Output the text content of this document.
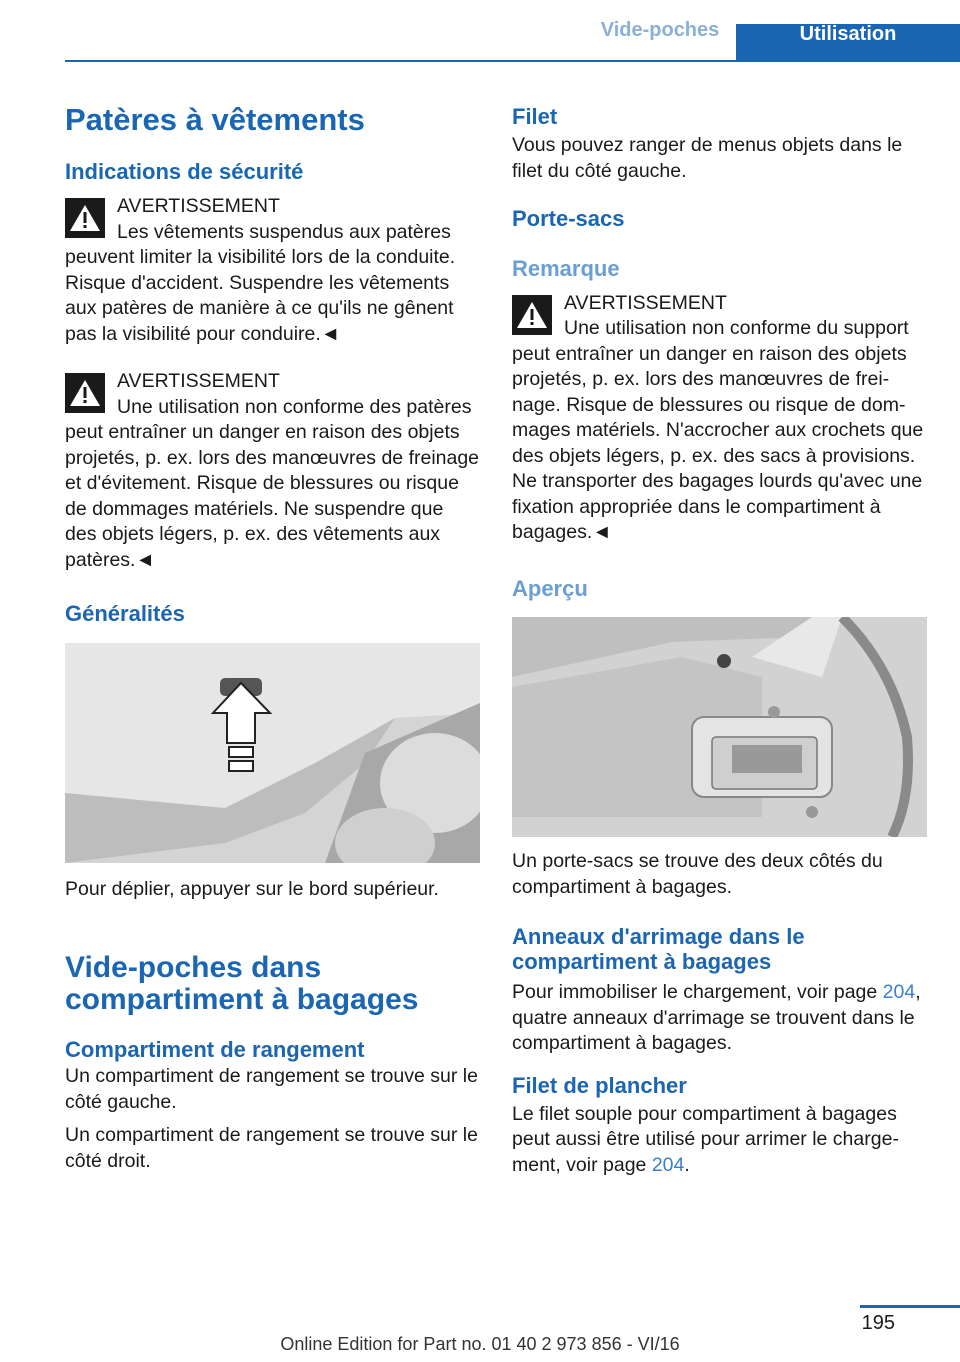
Vide-poches	Utilisation
Patères à vêtements
Indications de sécurité
AVERTISSEMENT

Les vêtements suspendus aux patères

peuvent limiter la visibilité lors de la conduite. Risque d'accident. Suspendre les vêtements aux patères de manière à ce qu'ils ne gênent pas la visibilité pour conduire.◄

AVERTISSEMENT

Une utilisation non conforme des patères

peut entraîner un danger en raison des objets projetés, p. ex. lors des manœuvres de freinage et d'évitement. Risque de blessures ou risque de dommages matériels. Ne suspendre que des objets légers, p. ex. des vêtements aux patères.◄

Généralités

Pour déplier, appuyer sur le bord supérieur.

Vide-poches dans compartiment à bagages
Compartiment de rangement

Un compartiment de rangement se trouve sur le côté gauche.

Un compartiment de rangement se trouve sur le côté droit.

Filet

Vous pouvez ranger de menus objets dans le filet du côté gauche.

Porte-sacs
Remarque
AVERTISSEMENT

Une utilisation non conforme du support

peut entraîner un danger en raison des objets projetés, p. ex. lors des manœuvres de freinage. Risque de blessures ou risque de dommages matériels. N'accrocher aux crochets que des objets légers, p. ex. des sacs à provisions. Ne transporter des bagages lourds qu'avec une fixation appropriée dans le compartiment à bagages.◄

Aperçu

Un porte-sacs se trouve des deux côtés du compartiment à bagages.

Anneaux d'arrimage dans le compartiment à bagages

Pour immobiliser le chargement, voir page 204, quatre anneaux d'arrimage se trouvent dans le compartiment à bagages.

Filet de plancher

Le filet souple pour compartiment à bagages peut aussi être utilisé pour arrimer le chargement, voir page 204.

195
Online Edition for Part no. 01 40 2 973 856 - VI/16
